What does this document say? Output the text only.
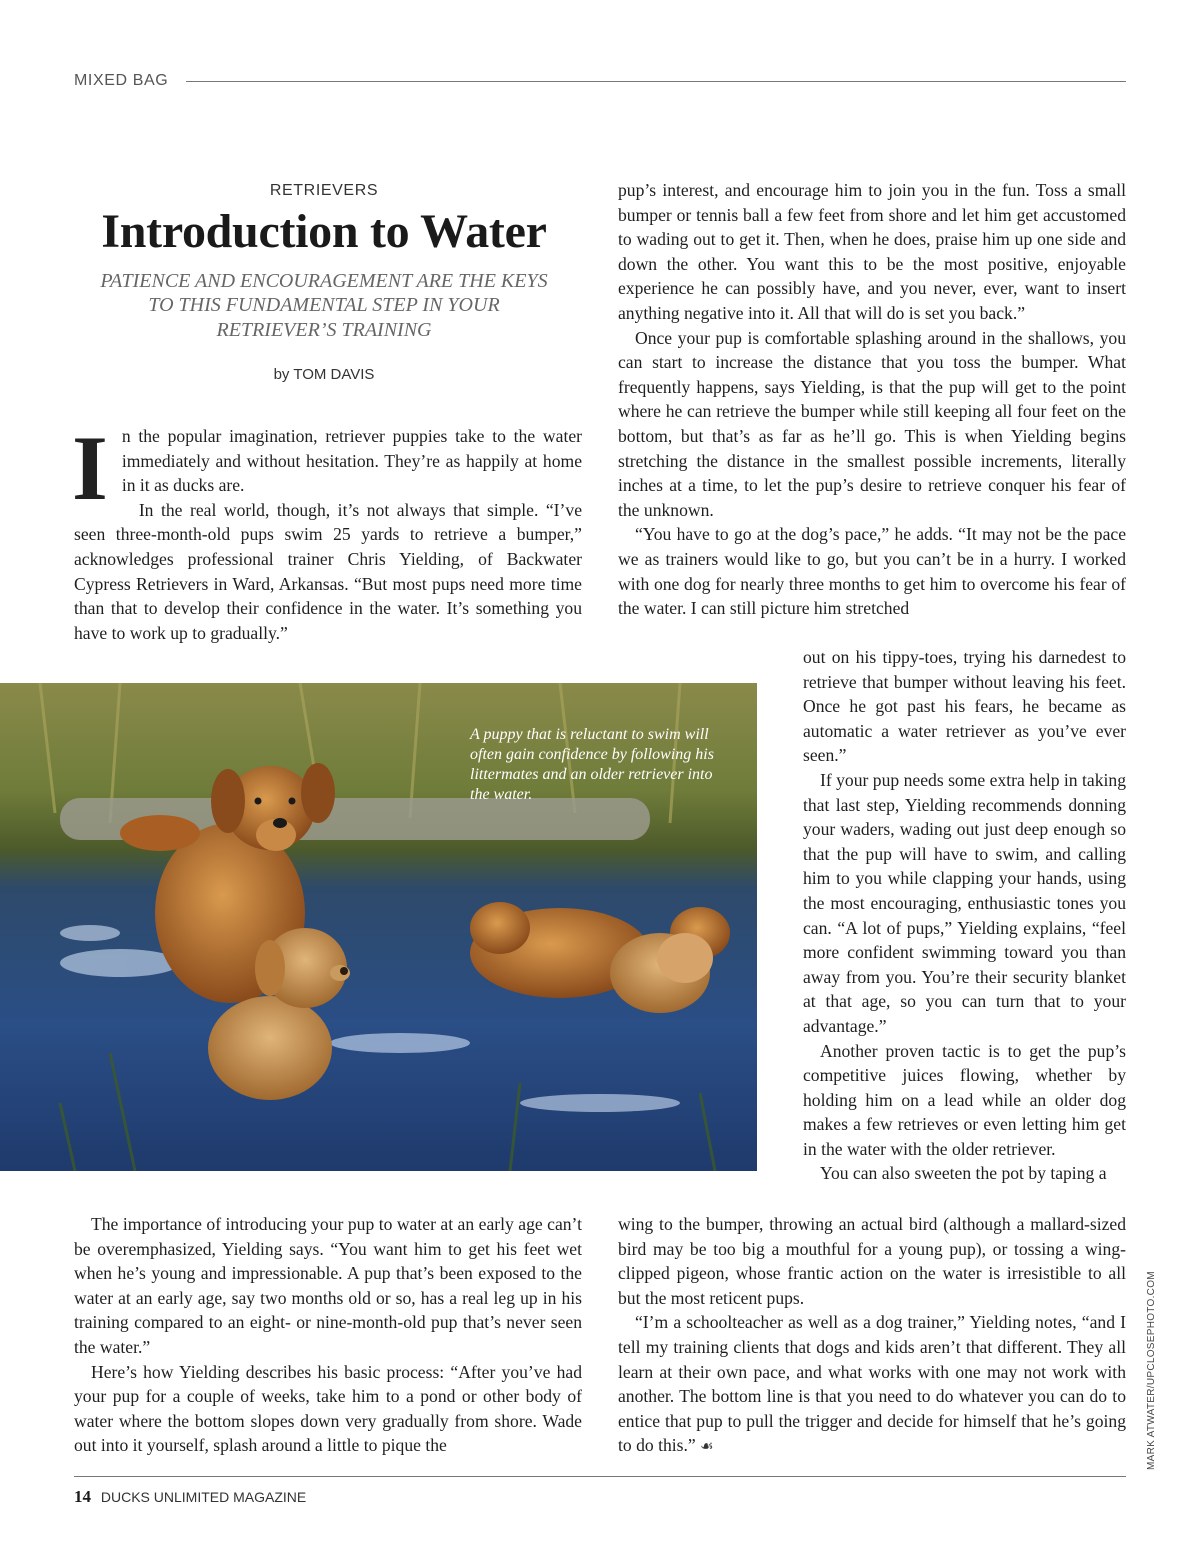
MIXED BAG

RETRIEVERS

Introduction to Water

PATIENCE AND ENCOURAGEMENT ARE THE KEYS TO THIS FUNDAMENTAL STEP IN YOUR RETRIEVER’S TRAINING

by TOM DAVIS

I n the popular imagination, retriever puppies take to the water immediately and without hesitation. They’re as happily at home in it as ducks are.

In the real world, though, it’s not always that simple. “I’ve seen three-month-old pups swim 25 yards to retrieve a bumper,” acknowledges professional trainer Chris Yielding, of Backwater Cypress Retrievers in Ward, Arkansas. “But most pups need more time than that to develop their confidence in the water. It’s something you have to work up to gradually.”

pup’s interest, and encourage him to join you in the fun. Toss a small bumper or tennis ball a few feet from shore and let him get accustomed to wading out to get it. Then, when he does, praise him up one side and down the other. You want this to be the most positive, enjoyable experience he can possibly have, and you never, ever, want to insert anything negative into it. All that will do is set you back.”

Once your pup is comfortable splashing around in the shallows, you can start to increase the distance that you toss the bumper. What frequently happens, says Yielding, is that the pup will get to the point where he can retrieve the bumper while still keeping all four feet on the bottom, but that’s as far as he’ll go. This is when Yielding begins stretching the distance in the smallest possible increments, literally inches at a time, to let the pup’s desire to retrieve conquer his fear of the unknown.

“You have to go at the dog’s pace,” he adds. “It may not be the pace we as trainers would like to go, but you can’t be in a hurry. I worked with one dog for nearly three months to get him to overcome his fear of the water. I can still picture him stretched

A puppy that is reluctant to swim will often gain confidence by following his littermates and an older retriever into the water.

out on his tippy-toes, trying his darnedest to retrieve that bumper without leaving his feet. Once he got past his fears, he became as automatic a water retriever as you’ve ever seen.”

If your pup needs some extra help in taking that last step, Yielding recommends donning your waders, wading out just deep enough so that the pup will have to swim, and calling him to you while clapping your hands, using the most encouraging, enthusiastic tones you can. “A lot of pups,” Yielding explains, “feel more confident swimming toward you than away from you. You’re their security blanket at that age, so you can turn that to your advantage.”

Another proven tactic is to get the pup’s competitive juices flowing, whether by holding him on a lead while an older dog makes a few retrieves or even letting him get in the water with the older retriever.

You can also sweeten the pot by taping a

The importance of introducing your pup to water at an early age can’t be overemphasized, Yielding says. “You want him to get his feet wet when he’s young and impressionable. A pup that’s been exposed to the water at an early age, say two months old or so, has a real leg up in his training compared to an eight- or nine-month-old pup that’s never seen the water.”

Here’s how Yielding describes his basic process: “After you’ve had your pup for a couple of weeks, take him to a pond or other body of water where the bottom slopes down very gradually from shore. Wade out into it yourself, splash around a little to pique the

wing to the bumper, throwing an actual bird (although a mallard-sized bird may be too big a mouthful for a young pup), or tossing a wing-clipped pigeon, whose frantic action on the water is irresistible to all but the most reticent pups.

“I’m a schoolteacher as well as a dog trainer,” Yielding notes, “and I tell my training clients that dogs and kids aren’t that different. They all learn at their own pace, and what works with one may not work with another. The bottom line is that you need to do whatever you can do to entice that pup to pull the trigger and decide for himself that he’s going to do this.” ☙	MARK ATWATER/UPCLOSEPHOTO.COM
14 DUCKS UNLIMITED MAGAZINE
